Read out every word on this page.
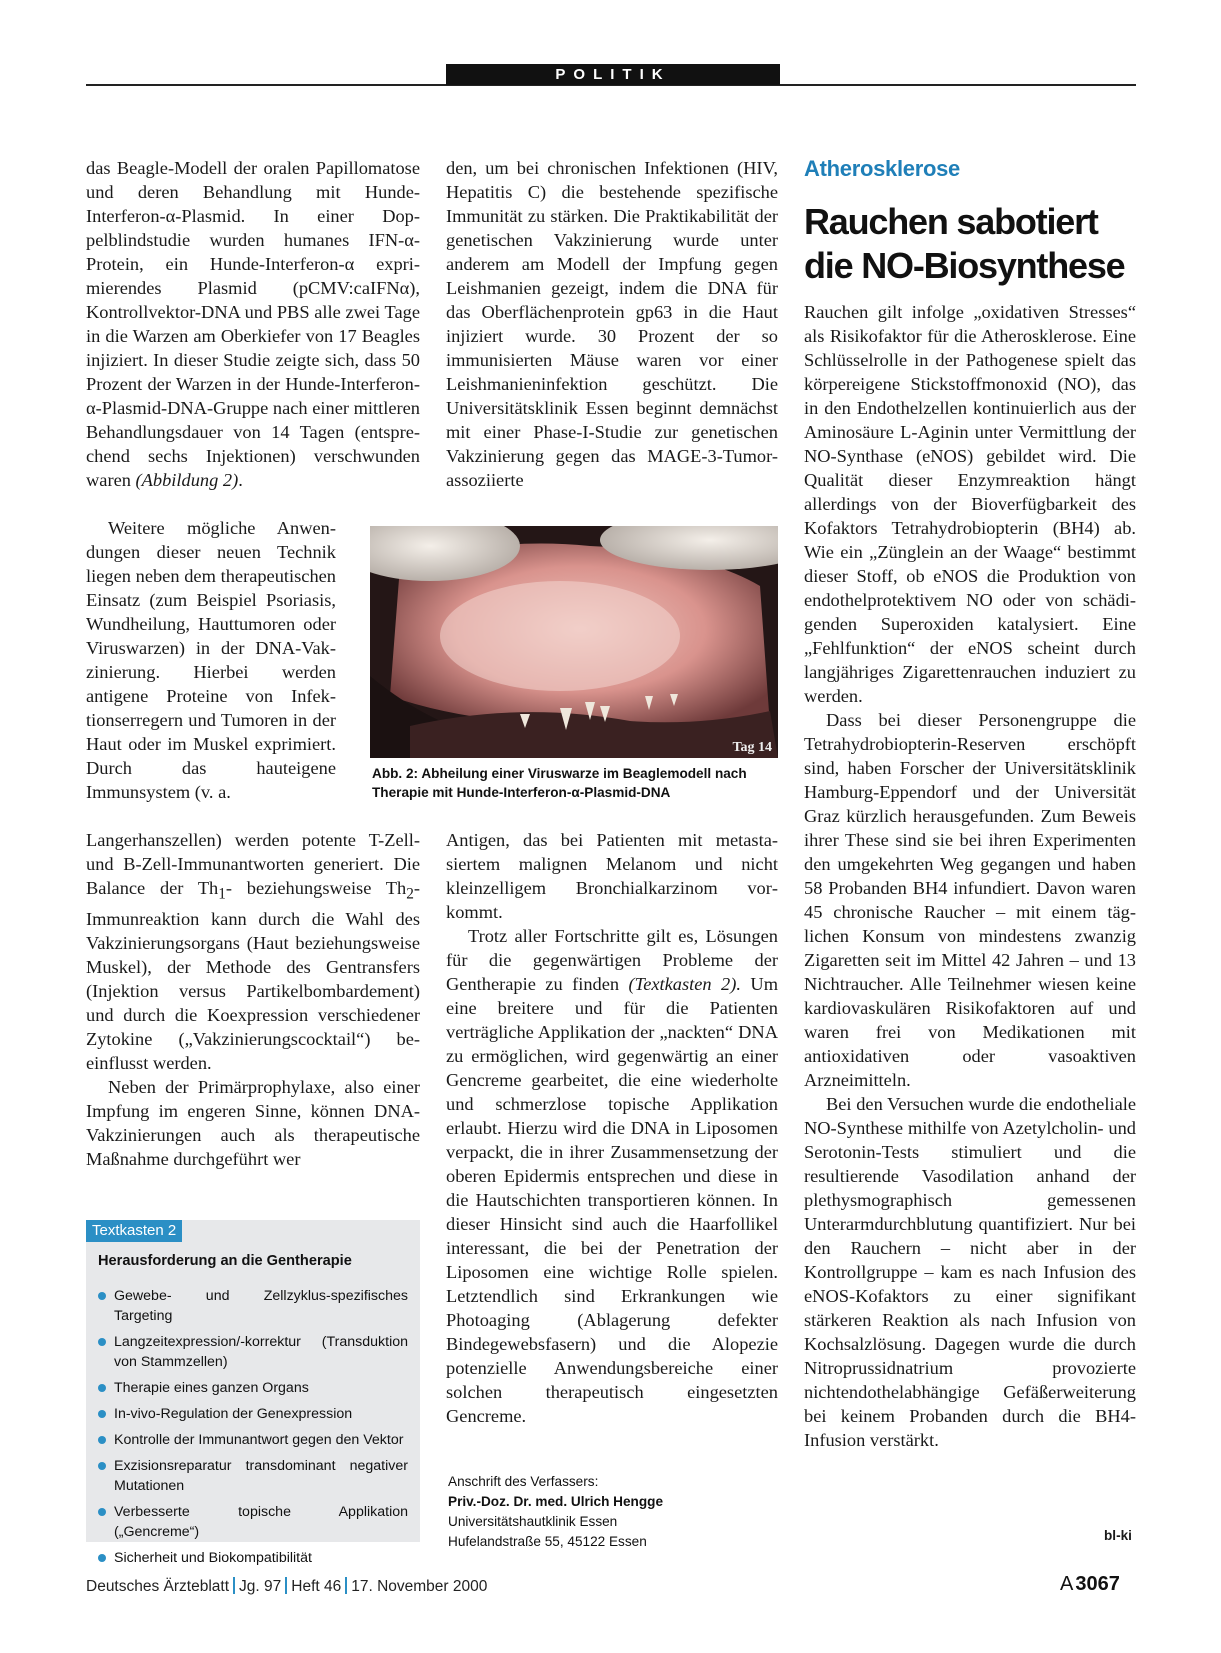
POLITIK

das Beagle-Modell der oralen Papillomatose und deren Behandlung mit Hunde-Interferon-α-Plasmid. In einer Doppelblindstudie wurden humanes IFN-α-Protein, ein Hunde-Interferon-α exprimierendes Plasmid (pCMV:caIFNα), Kontrollvektor-DNA und PBS alle zwei Tage in die Warzen am Oberkiefer von 17 Beagles injiziert. In dieser Studie zeigte sich, dass 50 Prozent der Warzen in der Hunde-Interferon-α-Plasmid-DNA-Gruppe nach einer mittleren Behandlungsdauer von 14 Tagen (entsprechend sechs Injektionen) verschwunden waren (Abbildung 2).

Weitere mögliche Anwendungen dieser neuen Technik liegen neben dem therapeutischen Einsatz (zum Beispiel Psoriasis, Wundheilung, Hauttumoren oder Viruswarzen) in der DNA-Vakzinierung. Hierbei werden antigene Proteine von Infektionserregern und Tumoren in der Haut oder im Muskel exprimiert. Durch das hauteigene Immunsystem (v. a.

Langerhanszellen) werden potente T-Zell- und B-Zell-Immunantworten generiert. Die Balance der $Th_1-$ beziehungsweise $Th_2$-Immunreaktion kann durch die Wahl des Vakzinierungsorgans (Haut beziehungsweise Muskel), der Methode des Gentransfers (Injektion versus Partikelbombardement) und durch die Koexpression verschiedener Zytokine („Vakzinierungscocktail“) beeinflusst werden.

Neben der Primärprophylaxe, also einer Impfung im engeren Sinne, können DNA-Vakzinierungen auch als therapeutische Maßnahme durchgeführt wer

den, um bei chronischen Infektionen (HIV, Hepatitis C) die bestehende spezifische Immunität zu stärken. Die Praktikabilität der genetischen Vakzinierung wurde unter anderem am Modell der Impfung gegen Leishmanien gezeigt, indem die DNA für das Oberflächenprotein gp63 in die Haut injiziert wurde. 30 Prozent der so immunisierten Mäuse waren vor einer Leishmanieninfektion geschützt. Die Universitätsklinik Essen beginnt demnächst mit einer Phase-I-Studie zur genetischen Vakzinierung gegen das MAGE-3-Tumor-assoziierte

Tag 14
Abb. 2: Abheilung einer Viruswarze im Beaglemodell nach Therapie mit Hunde-Interferon-α-Plasmid-DNA

Antigen, das bei Patienten mit metastasiertem malignen Melanom und nicht kleinzelligem Bronchialkarzinom vorkommt.

Trotz aller Fortschritte gilt es, Lösungen für die gegenwärtigen Probleme der Gentherapie zu finden (Textkasten 2). Um eine breitere und für die Patienten verträgliche Applikation der „nackten“ DNA zu ermöglichen, wird gegenwärtig an einer Gencreme gearbeitet, die eine wiederholte und schmerzlose topische Applikation erlaubt. Hierzu wird die DNA in Liposomen verpackt, die in ihrer Zusammensetzung der oberen Epidermis entsprechen und diese in die Hautschichten transportieren können. In dieser Hinsicht sind auch die Haarfollikel interessant, die bei der Penetration der Liposomen eine wichtige Rolle spielen. Letztendlich sind Erkrankungen wie Photoaging (Ablagerung defekter Bindegewebsfasern) und die Alopezie potenzielle Anwendungsbereiche einer solchen therapeutisch eingesetzten Gencreme.

Anschrift des Verfassers:
Priv.-Doz. Dr. med. Ulrich Hengge
Universitätshautklinik Essen
Hufelandstraße 55, 45122 Essen
Textkasten 2
Herausforderung an die Gentherapie
Gewebe- und Zellzyklus-spezifisches Targeting
Langzeitexpression/-korrektur (Transduktion von Stammzellen)
Therapie eines ganzen Organs
In-vivo-Regulation der Genexpression
Kontrolle der Immunantwort gegen den Vektor
Exzisionsreparatur transdominant negativer Mutationen
Verbesserte topische Applikation („Gencreme“)
Sicherheit und Biokompatibilität
Atherosklerose
Rauchen sabotiert die NO-Biosynthese

Rauchen gilt infolge „oxidativen Stresses“ als Risikofaktor für die Atherosklerose. Eine Schlüsselrolle in der Pathogenese spielt das körpereigene Stickstoffmonoxid (NO), das in den Endothelzellen kontinuierlich aus der Aminosäure L-Aginin unter Vermittlung der NO-Synthase (eNOS) gebildet wird. Die Qualität dieser Enzymreaktion hängt allerdings von der Bioverfügbarkeit des Kofaktors Tetrahydrobiopterin (BH4) ab. Wie ein „Zünglein an der Waage“ bestimmt dieser Stoff, ob eNOS die Produktion von endothelprotektivem NO oder von schädigenden Superoxiden katalysiert. Eine „Fehlfunktion“ der eNOS scheint durch langjähriges Zigarettenrauchen induziert zu werden.

Dass bei dieser Personengruppe die Tetrahydrobiopterin-Reserven erschöpft sind, haben Forscher der Universitätsklinik Hamburg-Eppendorf und der Universität Graz kürzlich herausgefunden. Zum Beweis ihrer These sind sie bei ihren Experimenten den umgekehrten Weg gegangen und haben 58 Probanden BH4 infundiert. Davon waren 45 chronische Raucher – mit einem täglichen Konsum von mindestens zwanzig Zigaretten seit im Mittel 42 Jahren – und 13 Nichtraucher. Alle Teilnehmer wiesen keine kardiovaskulären Risikofaktoren auf und waren frei von Medikationen mit antioxidativen oder vasoaktiven Arzneimitteln.

Bei den Versuchen wurde die endotheliale NO-Synthese mithilfe von Azetylcholin- und Serotonin-Tests stimuliert und die resultierende Vasodilation anhand der plethysmographisch gemessenen Unterarmdurchblutung quantifiziert. Nur bei den Rauchern – nicht aber in der Kontrollgruppe – kam es nach Infusion des eNOS-Kofaktors zu einer signifikant stärkeren Reaktion als nach Infusion von Kochsalzlösung. Dagegen wurde die durch Nitroprussidnatrium provozierte nichtendothelabhängige Gefäßerweiterung bei keinem Probanden durch die BH4-Infusion verstärkt.

bl-ki
Deutsches Ärzteblatt Jg. 97 Heft 46 17. November 2000	A 3067
